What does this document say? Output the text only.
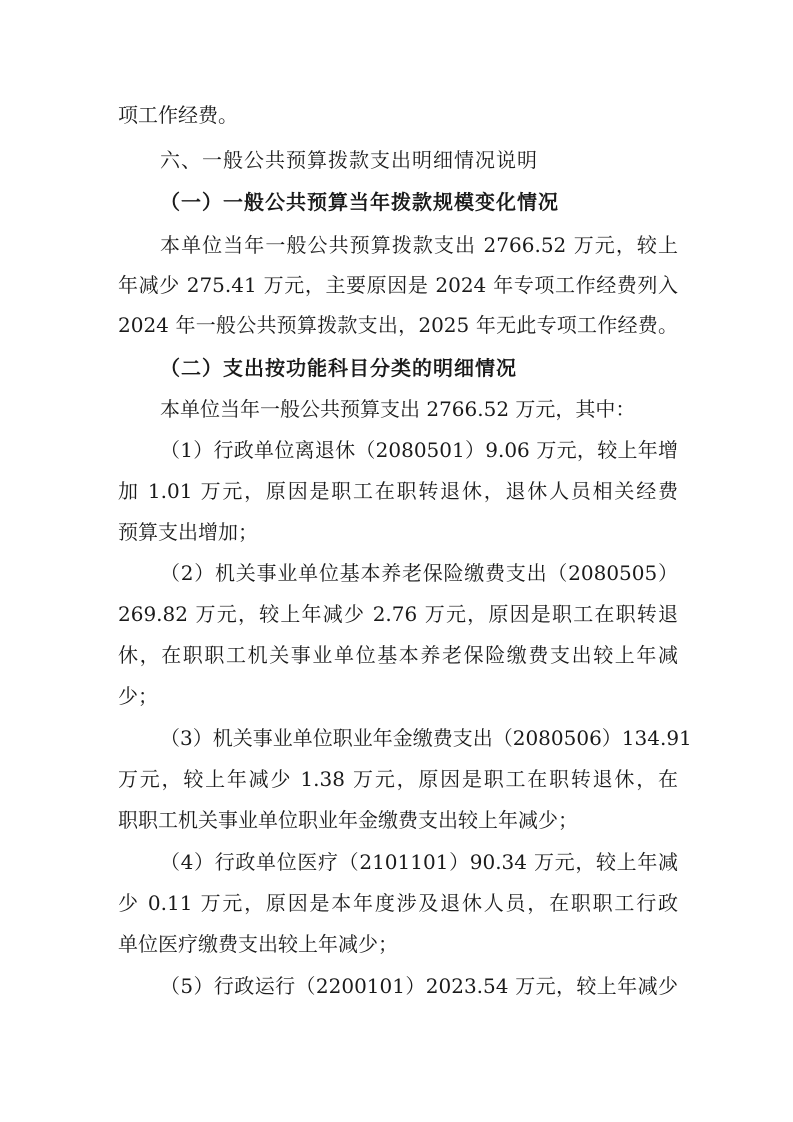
项工作经费。
六、一般公共预算拨款支出明细情况说明
（一）一般公共预算当年拨款规模变化情况
本单位当年一般公共预算拨款支出 2766.52 万元，较上
年减少 275.41 万元，主要原因是 2024 年专项工作经费列入
2024 年一般公共预算拨款支出，2025 年无此专项工作经费。
（二）支出按功能科目分类的明细情况
本单位当年一般公共预算支出 2766.52 万元，其中：
（1）行政单位离退休（2080501）9.06 万元，较上年增
加 1.01 万元，原因是职工在职转退休，退休人员相关经费
预算支出增加；
（2）机关事业单位基本养老保险缴费支出（2080505）
269.82 万元，较上年减少 2.76 万元，原因是职工在职转退
休，在职职工机关事业单位基本养老保险缴费支出较上年减
少；
（3）机关事业单位职业年金缴费支出（2080506）134.91
万元，较上年减少 1.38 万元，原因是职工在职转退休，在
职职工机关事业单位职业年金缴费支出较上年减少；
（4）行政单位医疗（2101101）90.34 万元，较上年减
少 0.11 万元，原因是本年度涉及退休人员，在职职工行政
单位医疗缴费支出较上年减少；
（5）行政运行（2200101）2023.54 万元，较上年减少
